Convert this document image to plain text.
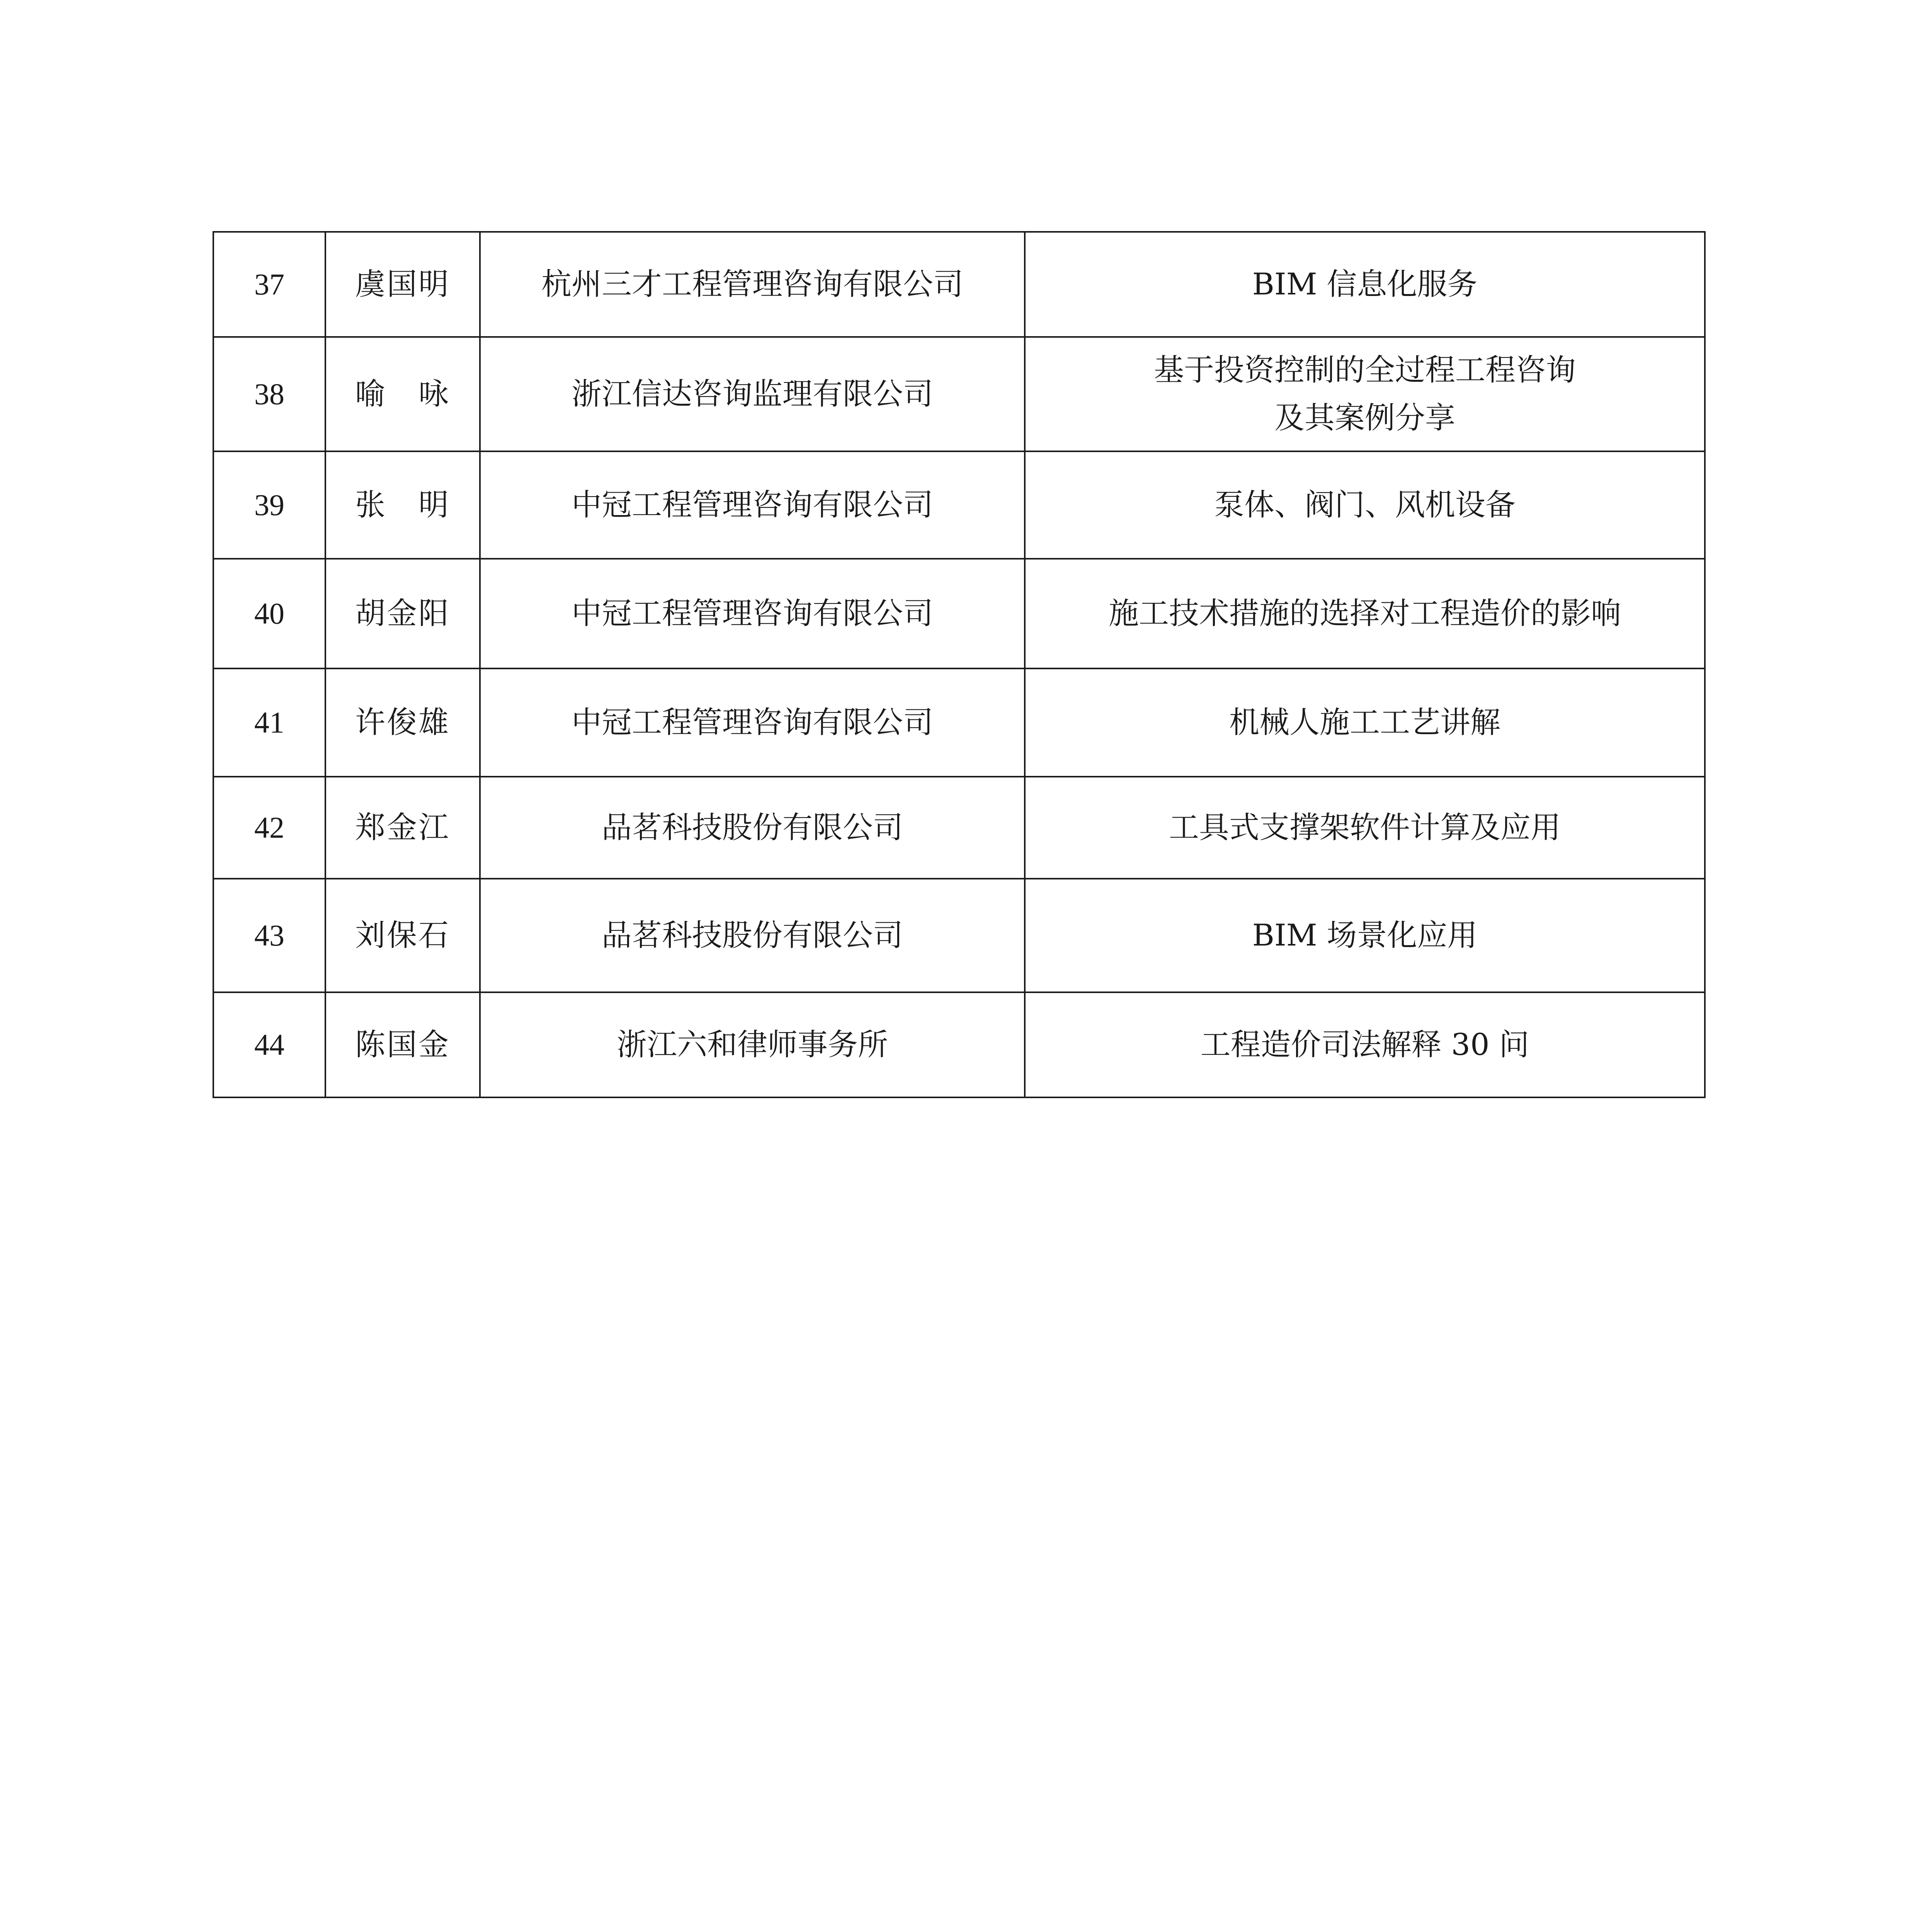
37	虞国明	杭州三才工程管理咨询有限公司	BIM 信息化服务
38	喻　咏	浙江信达咨询监理有限公司	基于投资控制的全过程工程咨询
及其案例分享
39	张　明	中冠工程管理咨询有限公司	泵体、阀门、风机设备
40	胡金阳	中冠工程管理咨询有限公司	施工技术措施的选择对工程造价的影响
41	许俊雄	中冠工程管理咨询有限公司	机械人施工工艺讲解
42	郑金江	品茗科技股份有限公司	工具式支撑架软件计算及应用
43	刘保石	品茗科技股份有限公司	BIM 场景化应用
44	陈国金	浙江六和律师事务所	工程造价司法解释 30 问
